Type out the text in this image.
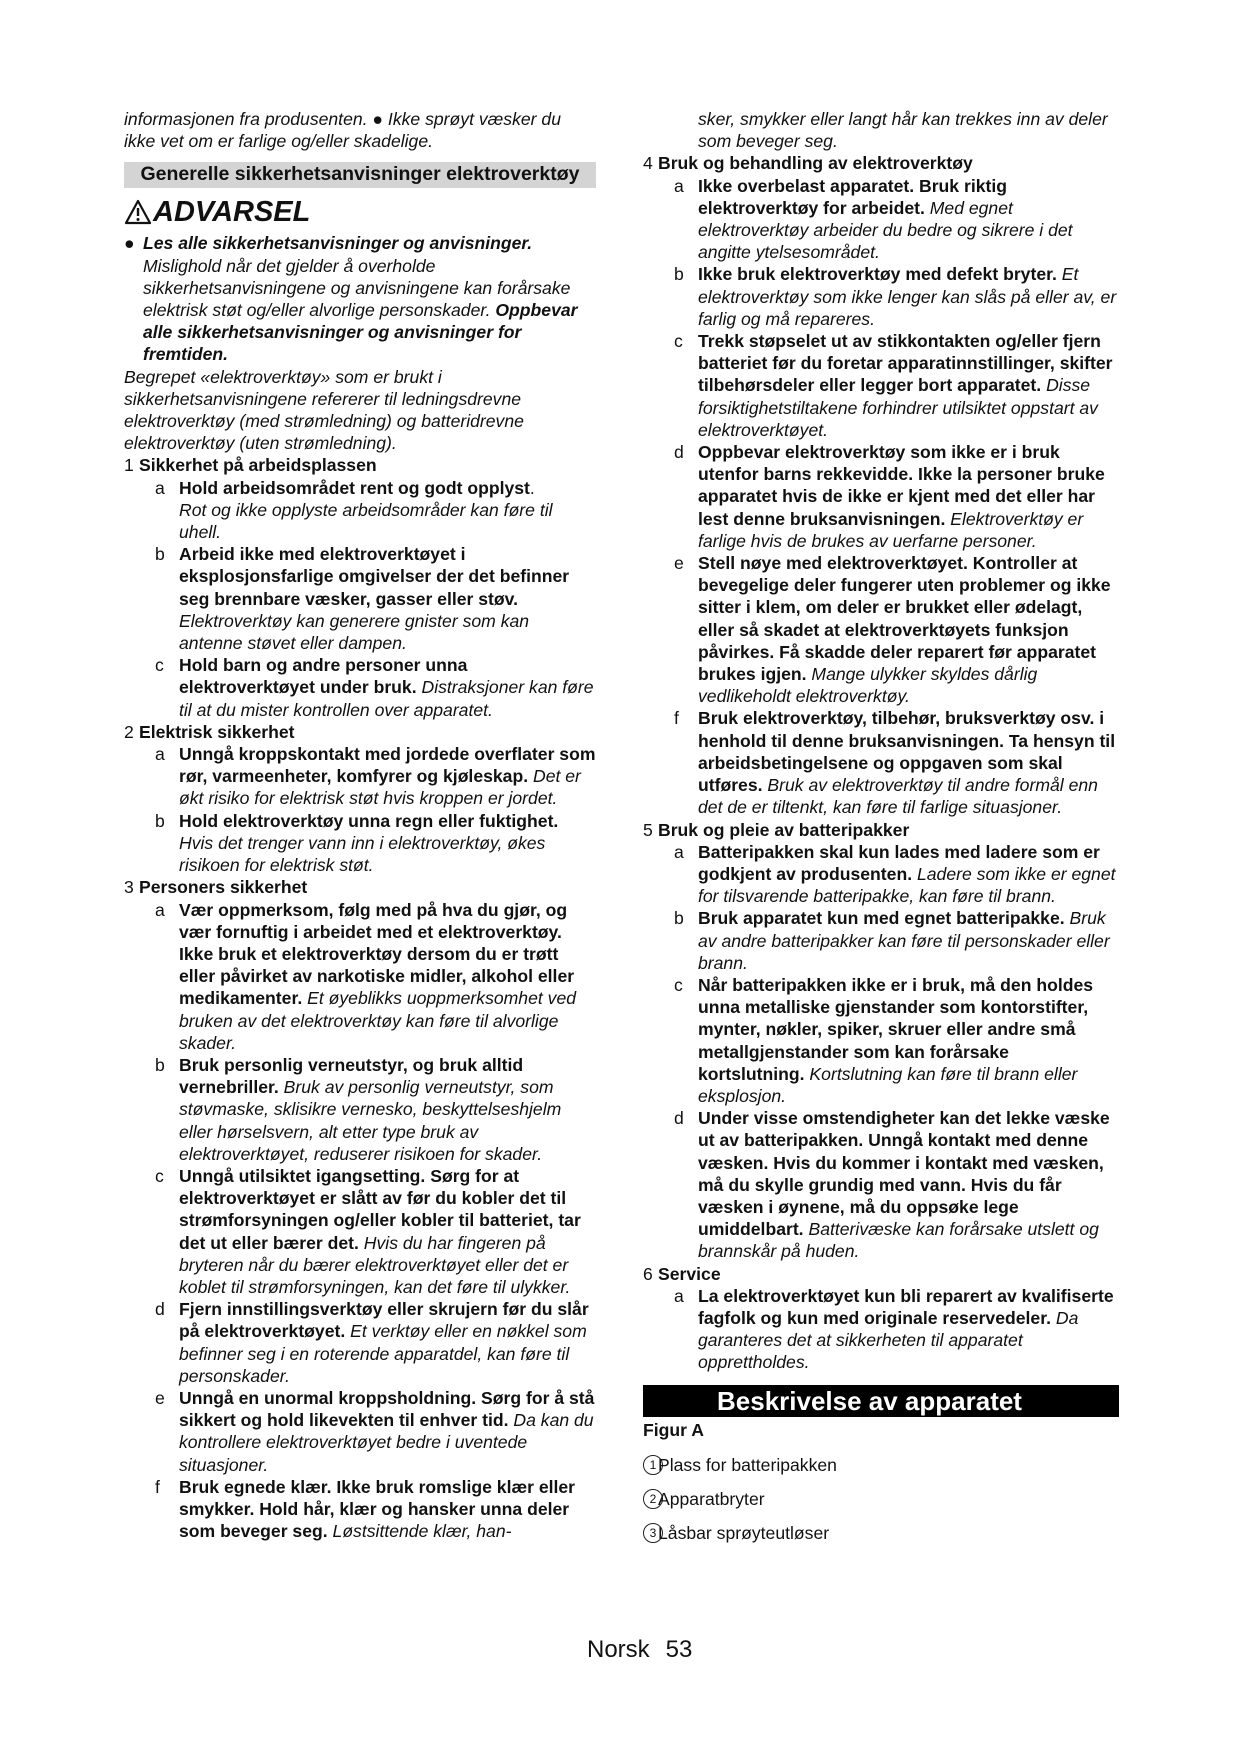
informasjonen fra produsenten. ● Ikke sprøyt væsker du ikke vet om er farlige og/eller skadelige.

Generelle sikkerhetsanvisninger elektroverktøy
ADVARSEL
● Les alle sikkerhetsanvisninger og anvisninger. Mislighold når det gjelder å overholde sikkerhetsanvisningene og anvisningene kan forårsake elektrisk støt og/eller alvorlige personskader. Oppbevar alle sikkerhetsanvisninger og anvisninger for fremtiden.

Begrepet «elektroverktøy» som er brukt i sikkerhetsanvisningene refererer til ledningsdrevne elektroverktøy (med strømledning) og batteridrevne elektroverktøy (uten strømledning).

1 Sikkerhet på arbeidsplassen
a Hold arbeidsområdet rent og godt opplyst.
Rot og ikke opplyste arbeidsområder kan føre til uhell.

b Arbeid ikke med elektroverktøyet i eksplosjonsfarlige omgivelser der det befinner seg brennbare væsker, gasser eller støv. Elektroverktøy kan generere gnister som kan antenne støvet eller dampen.

c Hold barn og andre personer unna elektroverktøyet under bruk. Distraksjoner kan føre til at du mister kontrollen over apparatet.

2 Elektrisk sikkerhet
a Unngå kroppskontakt med jordede overflater som rør, varmeenheter, komfyrer og kjøleskap. Det er økt risiko for elektrisk støt hvis kroppen er jordet.

b Hold elektroverktøy unna regn eller fuktighet.
Hvis det trenger vann inn i elektroverktøy, økes risikoen for elektrisk støt.

3 Personers sikkerhet
a Vær oppmerksom, følg med på hva du gjør, og vær fornuftig i arbeidet med et elektroverktøy. Ikke bruk et elektroverktøy dersom du er trøtt eller påvirket av narkotiske midler, alkohol eller medikamenter. Et øyeblikks uoppmerksomhet ved bruken av det elektroverktøy kan føre til alvorlige skader.

b Bruk personlig verneutstyr, og bruk alltid vernebriller. Bruk av personlig verneutstyr, som støvmaske, sklisikre vernesko, beskyttelseshjelm eller hørselsvern, alt etter type bruk av elektroverktøyet, reduserer risikoen for skader.

c Unngå utilsiktet igangsetting. Sørg for at elektroverktøyet er slått av før du kobler det til strømforsyningen og/eller kobler til batteriet, tar det ut eller bærer det. Hvis du har fingeren på bryteren når du bærer elektroverktøyet eller det er koblet til strømforsyningen, kan det føre til ulykker.

d Fjern innstillingsverktøy eller skrujern før du slår på elektroverktøyet. Et verktøy eller en nøkkel som befinner seg i en roterende apparatdel, kan føre til personskader.

e Unngå en unormal kroppsholdning. Sørg for å stå sikkert og hold likevekten til enhver tid. Da kan du kontrollere elektroverktøyet bedre i uventede situasjoner.

f Bruk egnede klær. Ikke bruk romslige klær eller smykker. Hold hår, klær og hansker unna deler som beveger seg. Løstsittende klær, han-

sker, smykker eller langt hår kan trekkes inn av deler som beveger seg.

4 Bruk og behandling av elektroverktøy
a Ikke overbelast apparatet. Bruk riktig elektroverktøy for arbeidet. Med egnet elektroverktøy arbeider du bedre og sikrere i det angitte ytelsesområdet.

b Ikke bruk elektroverktøy med defekt bryter. Et elektroverktøy som ikke lenger kan slås på eller av, er farlig og må repareres.

c Trekk støpselet ut av stikkontakten og/eller fjern batteriet før du foretar apparatinnstillinger, skifter tilbehørsdeler eller legger bort apparatet. Disse forsiktighetstiltakene forhindrer utilsiktet oppstart av elektroverktøyet.

d Oppbevar elektroverktøy som ikke er i bruk utenfor barns rekkevidde. Ikke la personer bruke apparatet hvis de ikke er kjent med det eller har lest denne bruksanvisningen. Elektroverktøy er farlige hvis de brukes av uerfarne personer.

e Stell nøye med elektroverktøyet. Kontroller at bevegelige deler fungerer uten problemer og ikke sitter i klem, om deler er brukket eller ødelagt, eller så skadet at elektroverktøyets funksjon påvirkes. Få skadde deler reparert før apparatet brukes igjen. Mange ulykker skyldes dårlig vedlikeholdt elektroverktøy.

f Bruk elektroverktøy, tilbehør, bruksverktøy osv. i henhold til denne bruksanvisningen. Ta hensyn til arbeidsbetingelsene og oppgaven som skal utføres. Bruk av elektroverktøy til andre formål enn det de er tiltenkt, kan føre til farlige situasjoner.

5 Bruk og pleie av batteripakker
a Batteripakken skal kun lades med ladere som er godkjent av produsenten. Ladere som ikke er egnet for tilsvarende batteripakke, kan føre til brann.

b Bruk apparatet kun med egnet batteripakke. Bruk av andre batteripakker kan føre til personskader eller brann.

c Når batteripakken ikke er i bruk, må den holdes unna metalliske gjenstander som kontorstifter, mynter, nøkler, spiker, skruer eller andre små metallgjenstander som kan forårsake kortslutning. Kortslutning kan føre til brann eller eksplosjon.

d Under visse omstendigheter kan det lekke væske ut av batteripakken. Unngå kontakt med denne væsken. Hvis du kommer i kontakt med væsken, må du skylle grundig med vann. Hvis du får væsken i øynene, må du oppsøke lege umiddelbart. Batterivæske kan forårsake utslett og brannskår på huden.

6 Service
a La elektroverktøyet kun bli reparert av kvalifiserte fagfolk og kun med originale reservedeler. Da garanteres det at sikkerheten til apparatet opprettholdes.

Beskrivelse av apparatet

Figur A

1 Plass for batteripakken
2 Apparatbryter
3 Låsbar sprøyteutløser
Norsk 53
